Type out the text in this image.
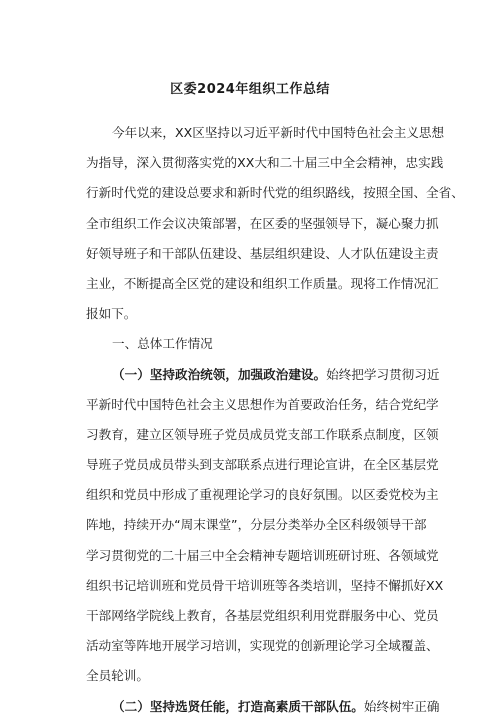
区委2024年组织工作总结
今年以来，XX区坚持以习近平新时代中国特色社会主义思想
为指导，深入贯彻落实党的XX大和二十届三中全会精神，忠实践
行新时代党的建设总要求和新时代党的组织路线，按照全国、全省、
全市组织工作会议决策部署，在区委的坚强领导下，凝心聚力抓
好领导班子和干部队伍建设、基层组织建设、人才队伍建设主责
主业，不断提高全区党的建设和组织工作质量。现将工作情况汇
报如下。
一、总体工作情况
（一）坚持政治统领，加强政治建设。始终把学习贯彻习近
平新时代中国特色社会主义思想作为首要政治任务，结合党纪学
习教育，建立区领导班子党员成员党支部工作联系点制度，区领
导班子党员成员带头到支部联系点进行理论宣讲，在全区基层党
组织和党员中形成了重视理论学习的良好氛围。以区委党校为主
阵地，持续开办“周末课堂”，分层分类举办全区科级领导干部
学习贯彻党的二十届三中全会精神专题培训班研讨班、各领域党
组织书记培训班和党员骨干培训班等各类培训，坚持不懈抓好XX
干部网络学院线上教育，各基层党组织利用党群服务中心、党员
活动室等阵地开展学习培训，实现党的创新理论学习全域覆盖、
全员轮训。
（二）坚持选贤任能，打造高素质干部队伍。始终树牢正确
